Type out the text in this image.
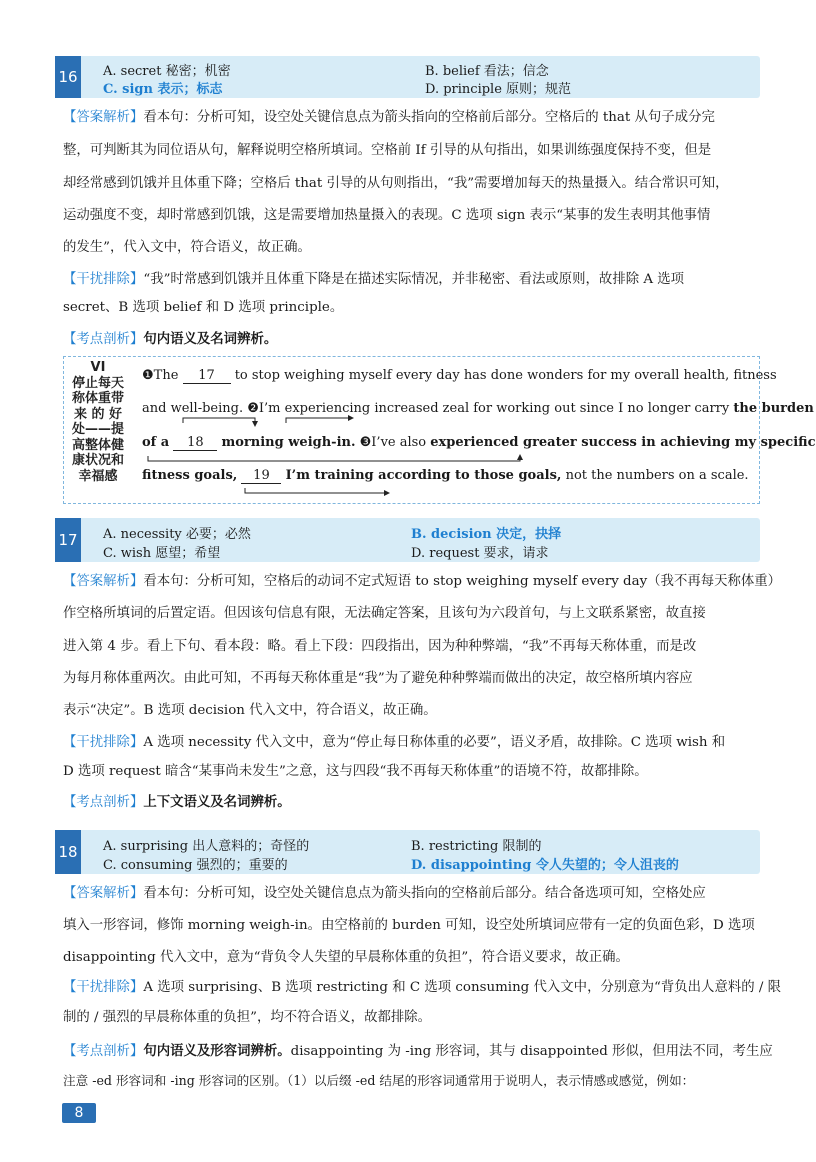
16 A. secret 秘密；机密	B. belief 看法；信念
C. sign 表示；标志	D. principle 原则；规范
【答案解析】看本句：分析可知，设空处关键信息点为箭头指向的空格前后部分。空格后的 that 从句子成分完
整，可判断其为同位语从句，解释说明空格所填词。空格前 If 引导的从句指出，如果训练强度保持不变，但是
却经常感到饥饿并且体重下降；空格后 that 引导的从句则指出，“我”需要增加每天的热量摄入。结合常识可知，
运动强度不变，却时常感到饥饿，这是需要增加热量摄入的表现。C 选项 sign 表示“某事的发生表明其他事情
的发生”，代入文中，符合语义，故正确。
【干扰排除】“我”时常感到饥饿并且体重下降是在描述实际情况，并非秘密、看法或原则，故排除 A 选项
secret、B 选项 belief 和 D 选项 principle。
【考点剖析】句内语义及名词辨析。
VI
停止每天
称体重带
来 的 好
处——提
高整体健
康状况和
幸福感
❶The 17 to stop weighing myself every day has done wonders for my overall health, fitness
and well-being. ❷I’m experiencing increased zeal for working out since I no longer carry the burden
of a 18 morning weigh-in. ❸I’ve also experienced greater success in achieving my specific
fitness goals, 19 I’m training according to those goals, not the numbers on a scale.
17 A. necessity 必要；必然	B. decision 决定，抉择
C. wish 愿望；希望	D. request 要求，请求
【答案解析】看本句：分析可知，空格后的动词不定式短语 to stop weighing myself every day（我不再每天称体重）
作空格所填词的后置定语。但因该句信息有限，无法确定答案，且该句为六段首句，与上文联系紧密，故直接
进入第 4 步。看上下句、看本段：略。看上下段：四段指出，因为种种弊端，“我”不再每天称体重，而是改
为每月称体重两次。由此可知，不再每天称体重是“我”为了避免种种弊端而做出的决定，故空格所填内容应
表示“决定”。B 选项 decision 代入文中，符合语义，故正确。
【干扰排除】A 选项 necessity 代入文中，意为“停止每日称体重的必要”，语义矛盾，故排除。C 选项 wish 和
D 选项 request 暗含“某事尚未发生”之意，这与四段“我不再每天称体重”的语境不符，故都排除。
【考点剖析】上下文语义及名词辨析。
18 A. surprising 出人意料的；奇怪的	B. restricting 限制的
C. consuming 强烈的；重要的	D. disappointing 令人失望的；令人沮丧的
【答案解析】看本句：分析可知，设空处关键信息点为箭头指向的空格前后部分。结合备选项可知，空格处应
填入一形容词，修饰 morning weigh-in。由空格前的 burden 可知，设空处所填词应带有一定的负面色彩，D 选项
disappointing 代入文中，意为“背负令人失望的早晨称体重的负担”，符合语义要求，故正确。
【干扰排除】A 选项 surprising、B 选项 restricting 和 C 选项 consuming 代入文中，分别意为“背负出人意料的 / 限
制的 / 强烈的早晨称体重的负担”，均不符合语义，故都排除。
【考点剖析】句内语义及形容词辨析。disappointing 为 -ing 形容词，其与 disappointed 形似，但用法不同，考生应
注意 -ed 形容词和 -ing 形容词的区别。（1）以后缀 -ed 结尾的形容词通常用于说明人，表示情感或感觉，例如：
8
